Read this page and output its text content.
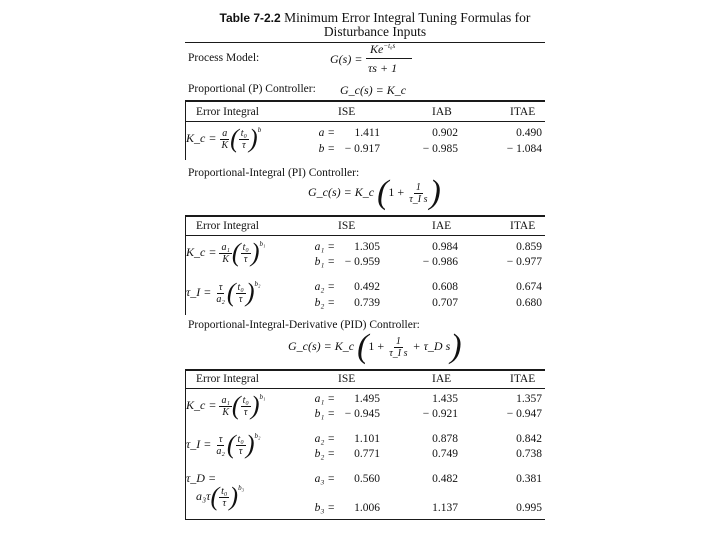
Table 7-2.2 Minimum Error Integral Tuning Formulas for
Disturbance Inputs
Process Model:	G(s) =
$Ke^{-t_0s}$
τs + 1
Proportional (P) Controller: G_c(s) = K_c
Error Integral	ISE	IAB	ITAE
K_c = $\frac{a}{K}$ ( $\frac{\text{t₀}}{\tau} )^b$	a =	1.411	0.902	0.490
b = − 0.917	− 0.985	− 1.084
Proportional-Integral (PI) Controller:
G_c(s) = K_c ($1 + \frac{1}{\text{τ\_I s}}$ )
Error Integral	ISE	IAE	ITAE
K_c = $\frac{\text{a₁}}{K}$ ( $\frac{\text{t₀}}{\tau} )^{b_1}$	a₁ =	1.305	0.984	0.859
b₁ = − 0.959	− 0.986	− 0.977
τ_I = $\frac{\tau}{\text{a₂}}$ ( $\frac{\text{t₀}}{\tau} )^{b_2}$	a₂ =	0.492	0.608	0.674
b₂ =	0.739	0.707	0.680
Proportional-Integral-Derivative (PID) Controller:
G_c(s) = K_c ($1 + \frac{1}{\text{τ\_I s}}$ + τ_D s)
Error Integral	ISE	IAE	ITAE
K_c = $\frac{\text{a₁}}{K}$ ( $\frac{\text{t₀}}{\tau} )^{b_1}$	a₁ =	1.495	1.435	1.357
b₁ = − 0.945	− 0.921	− 0.947
τ_I = $\frac{\tau}{\text{a₂}}$ ( $\frac{\text{t₀}}{\tau} )^{b_2}$	a₂ =	1.101	0.878	0.842
b₂ =	0.771	0.749	0.738
τ_D =
$a_3\tau( \frac{\text{t₀}}{\tau} )^{b_3}$
a₃ =	0.560	0.482	0.381
b₃ =	1.006	1.137	0.995
